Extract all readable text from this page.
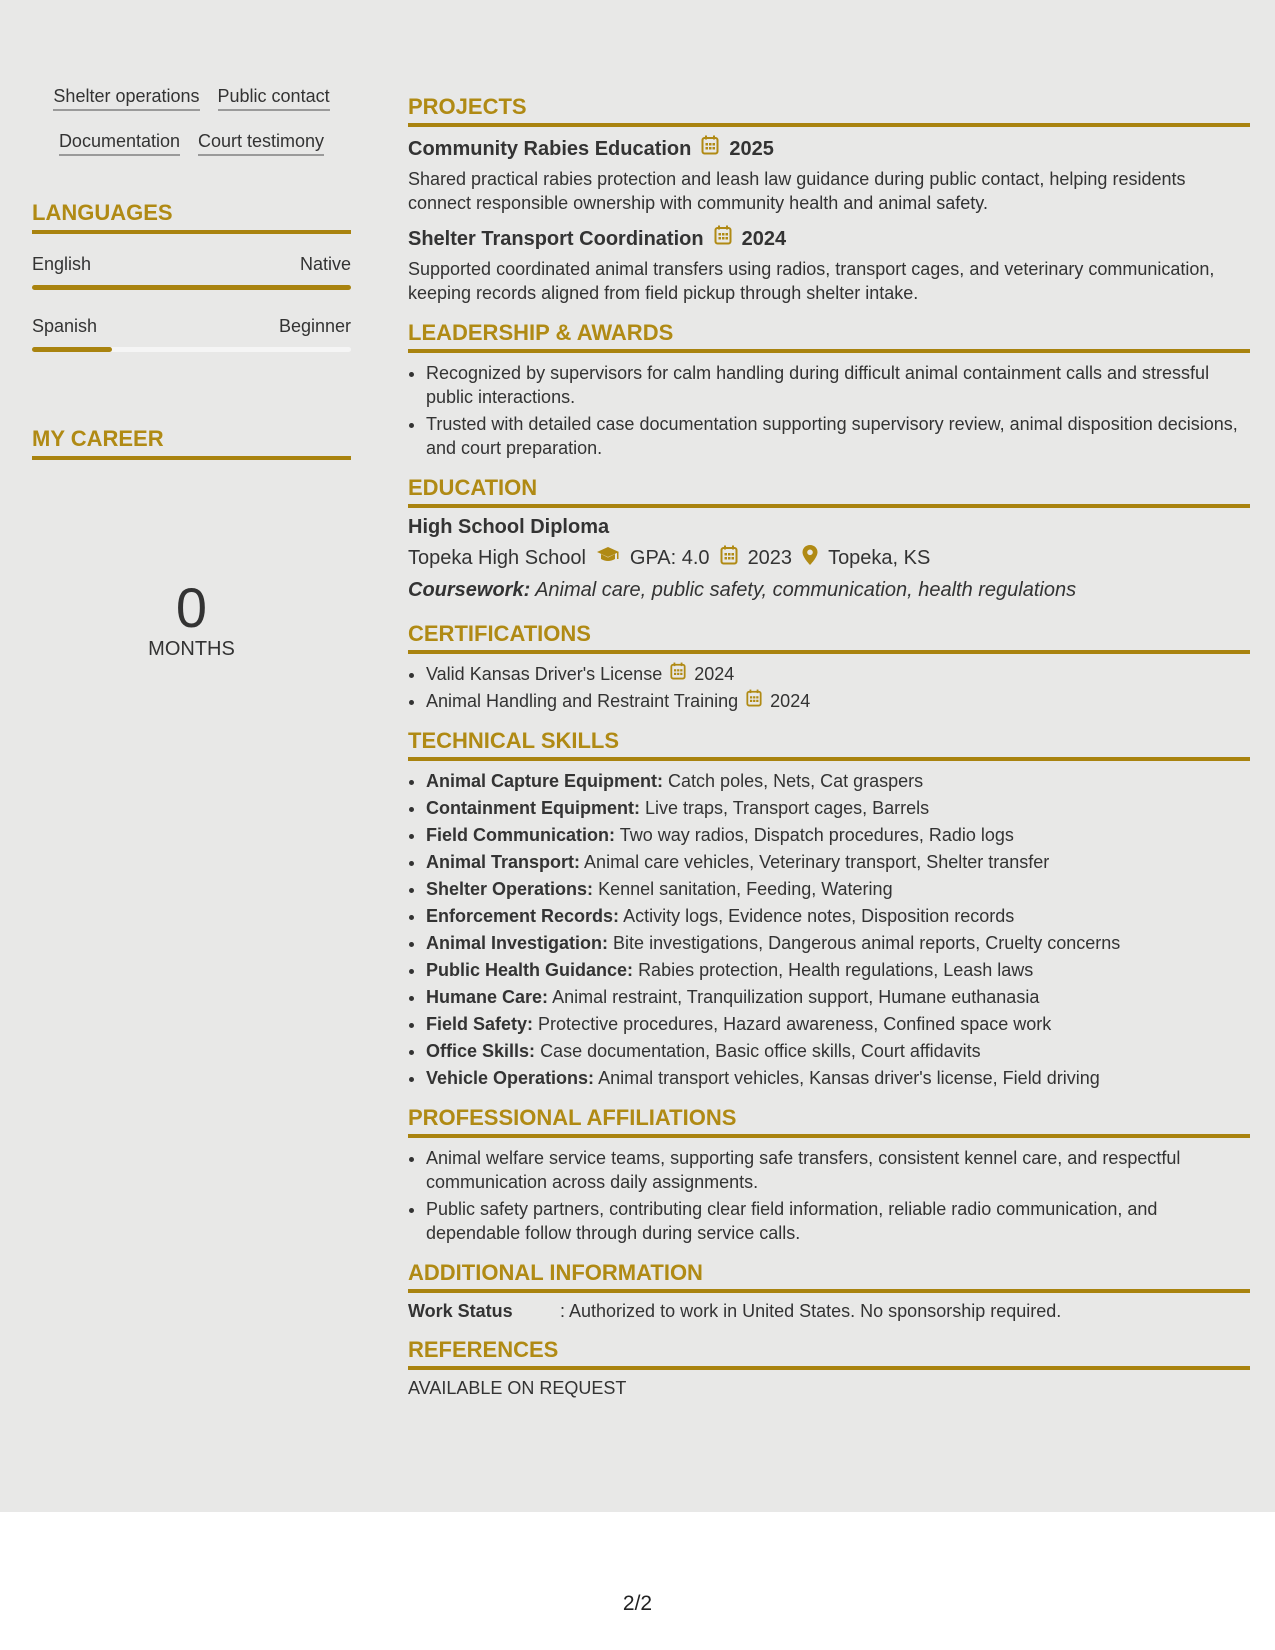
Shelter operations Public contact
Documentation Court testimony
LANGUAGES
English	Native
Spanish	Beginner
MY CAREER
0
MONTHS
PROJECTS
Community Rabies Education 2025

Shared practical rabies protection and leash law guidance during public contact, helping residents connect responsible ownership with community health and animal safety.

Shelter Transport Coordination 2024

Supported coordinated animal transfers using radios, transport cages, and veterinary communication, keeping records aligned from field pickup through shelter intake.

LEADERSHIP & AWARDS
• Recognized by supervisors for calm handling during difficult animal containment calls and stressful public interactions.
• Trusted with detailed case documentation supporting supervisory review, animal disposition decisions, and court preparation.
EDUCATION
High School Diploma
Topeka High School GPA: 4.0 2023 Topeka, KS
Coursework: Animal care, public safety, communication, health regulations
CERTIFICATIONS
• Valid Kansas Driver's License 2024
• Animal Handling and Restraint Training 2024
TECHNICAL SKILLS
• Animal Capture Equipment: Catch poles, Nets, Cat graspers
• Containment Equipment: Live traps, Transport cages, Barrels
• Field Communication: Two way radios, Dispatch procedures, Radio logs
• Animal Transport: Animal care vehicles, Veterinary transport, Shelter transfer
• Shelter Operations: Kennel sanitation, Feeding, Watering
• Enforcement Records: Activity logs, Evidence notes, Disposition records
• Animal Investigation: Bite investigations, Dangerous animal reports, Cruelty concerns
• Public Health Guidance: Rabies protection, Health regulations, Leash laws
• Humane Care: Animal restraint, Tranquilization support, Humane euthanasia
• Field Safety: Protective procedures, Hazard awareness, Confined space work
• Office Skills: Case documentation, Basic office skills, Court affidavits
• Vehicle Operations: Animal transport vehicles, Kansas driver's license, Field driving
PROFESSIONAL AFFILIATIONS
• Animal welfare service teams, supporting safe transfers, consistent kennel care, and respectful communication across daily assignments.
• Public safety partners, contributing clear field information, reliable radio communication, and dependable follow through during service calls.
ADDITIONAL INFORMATION
Work Status	: Authorized to work in United States. No sponsorship required.
REFERENCES
AVAILABLE ON REQUEST
2/2
